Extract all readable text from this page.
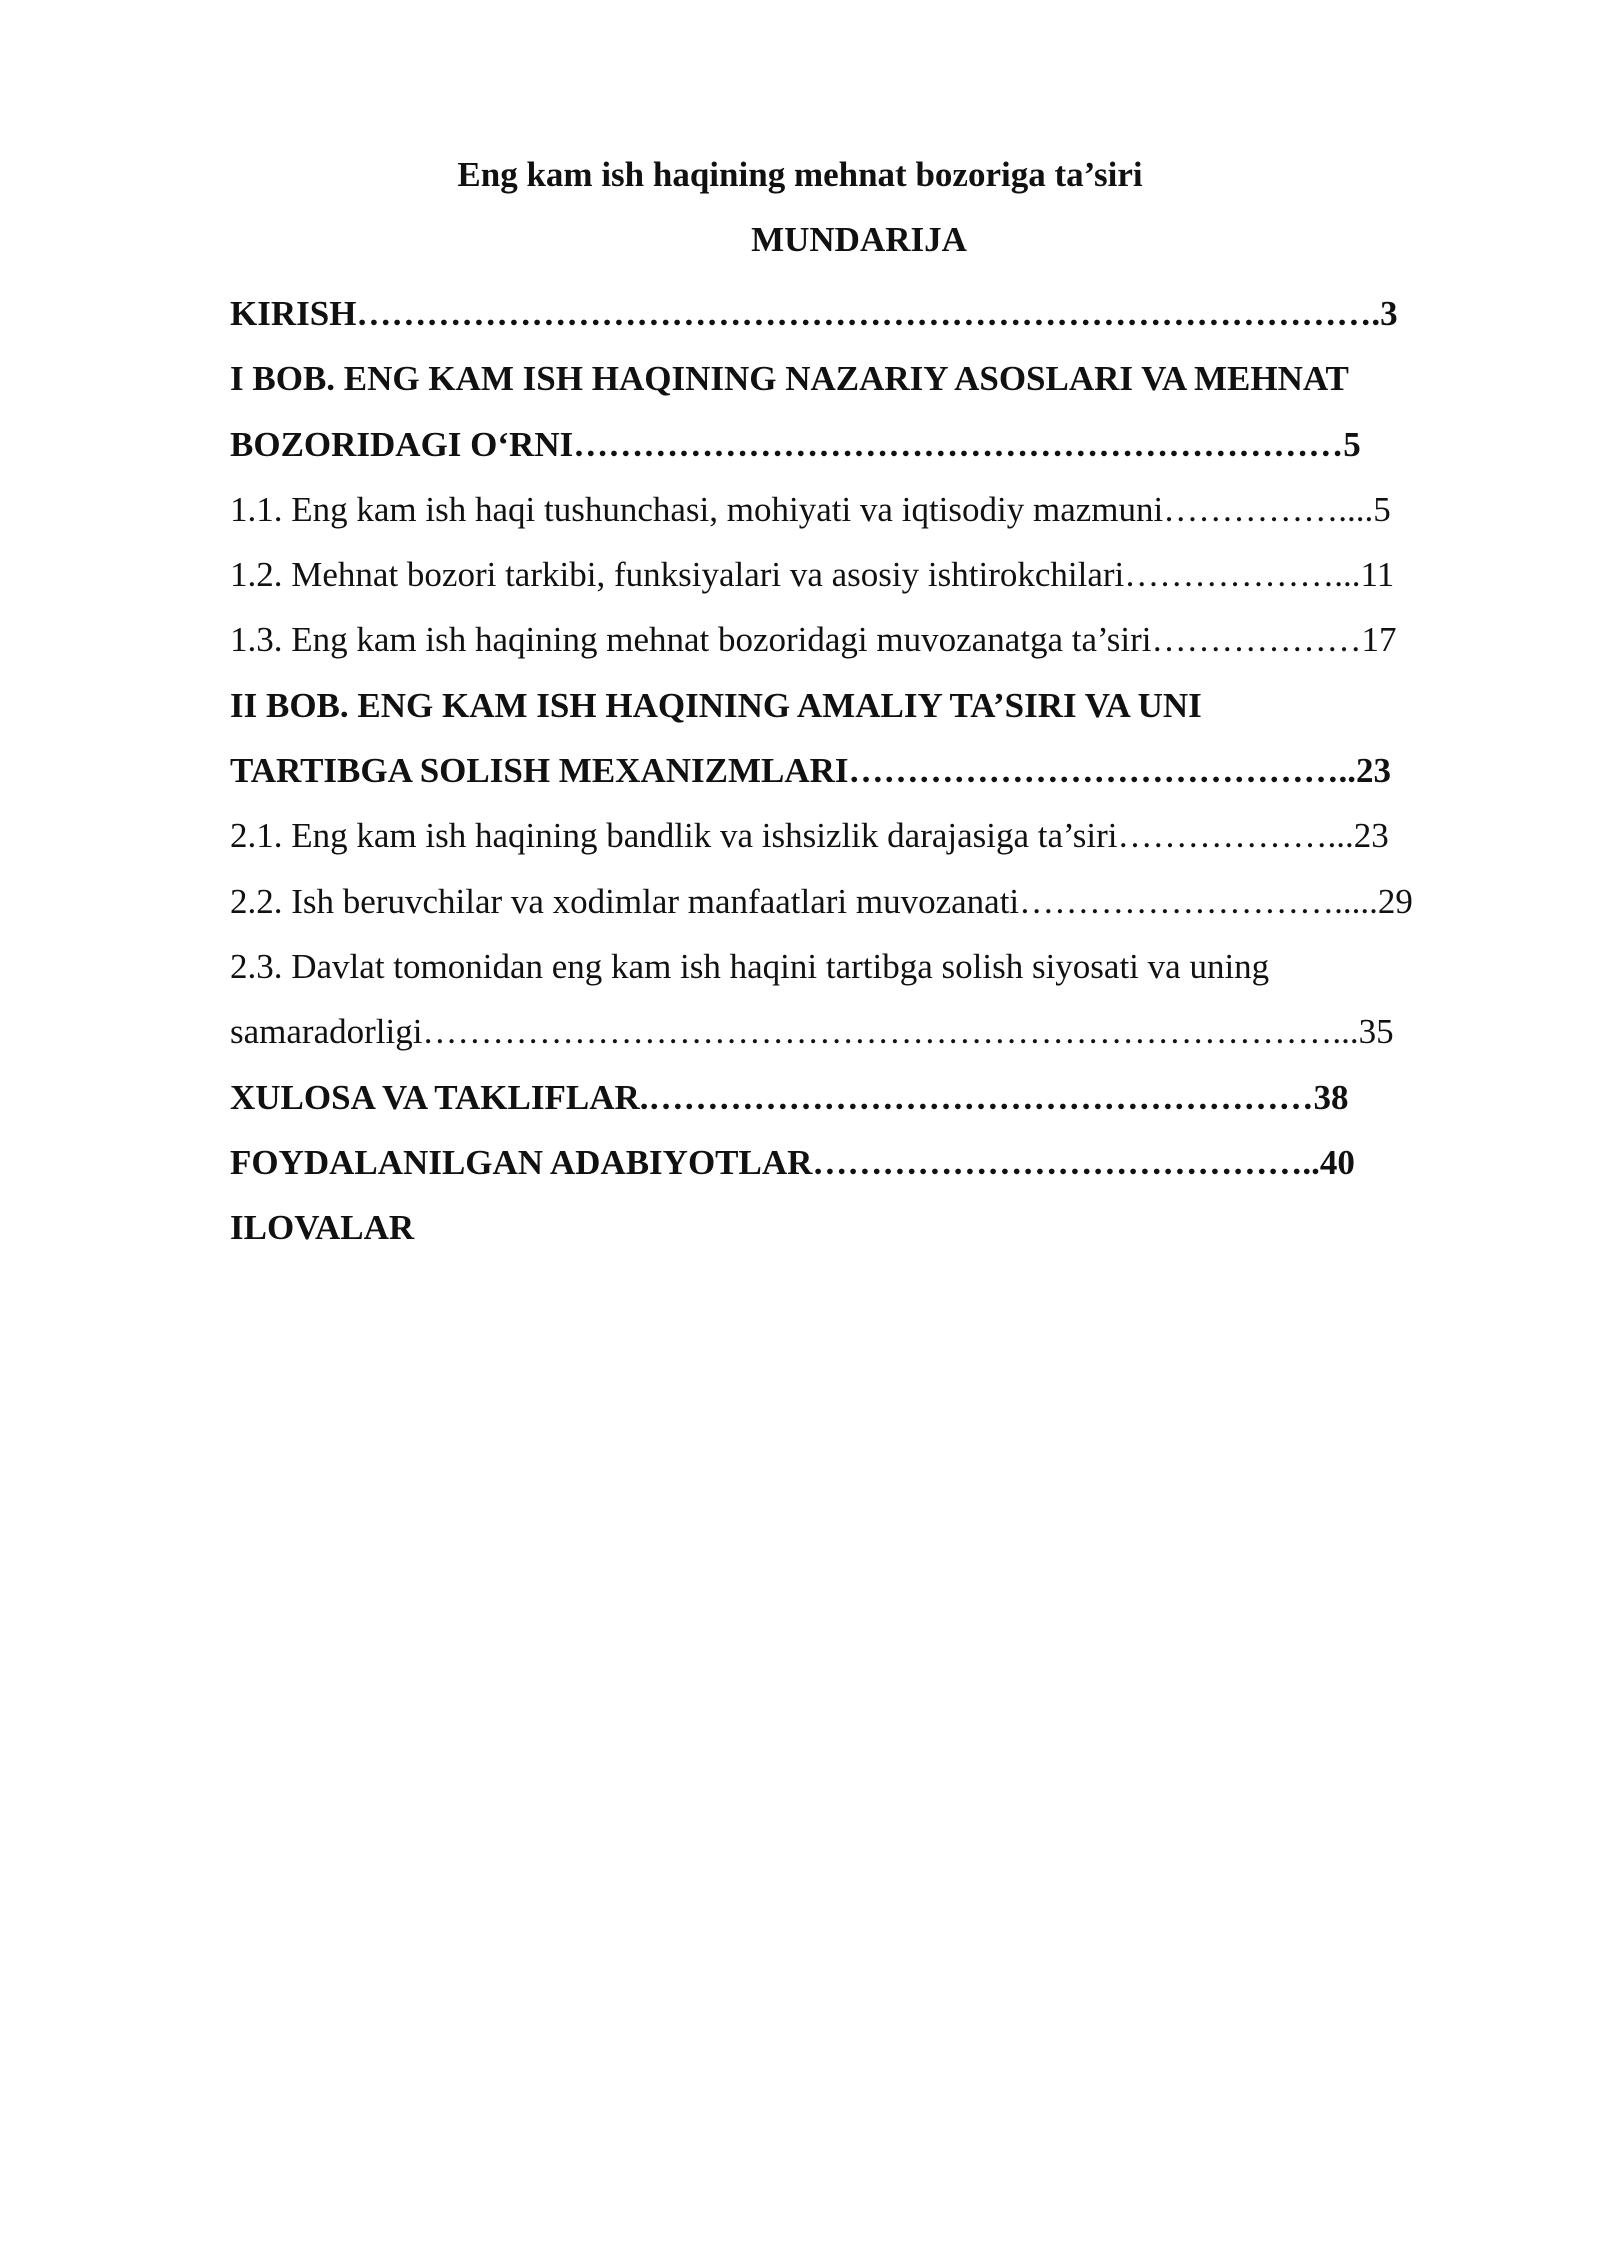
Eng kam ish haqining mehnat bozoriga ta’siri
MUNDARIJA
KIRISH…………………………………………………………………………….3
I BOB. ENG KAM ISH HAQINING NAZARIY ASOSLARI VA MEHNAT
BOZORIDAGI O‘RNI…………………………………………………………5
1.1. Eng kam ish haqi tushunchasi, mohiyati va iqtisodiy mazmuni……………....5
1.2. Mehnat bozori tarkibi, funksiyalari va asosiy ishtirokchilari………………...11
1.3. Eng kam ish haqining mehnat bozoridagi muvozanatga ta’siri………………17
II BOB. ENG KAM ISH HAQINING AMALIY TA’SIRI VA UNI
TARTIBGA SOLISH MEXANIZMLARI……………………………………..23
2.1. Eng kam ish haqining bandlik va ishsizlik darajasiga ta’siri………………...23
2.2. Ish beruvchilar va xodimlar manfaatlari muvozanati……………………….....29
2.3. Davlat tomonidan eng kam ish haqini tartibga solish siyosati va uning
samaradorligi……………………………………………………………………...35
XULOSA VA TAKLIFLAR.…………………………………………………38
FOYDALANILGAN ADABIYOTLAR……………………………………..40
ILOVALAR
